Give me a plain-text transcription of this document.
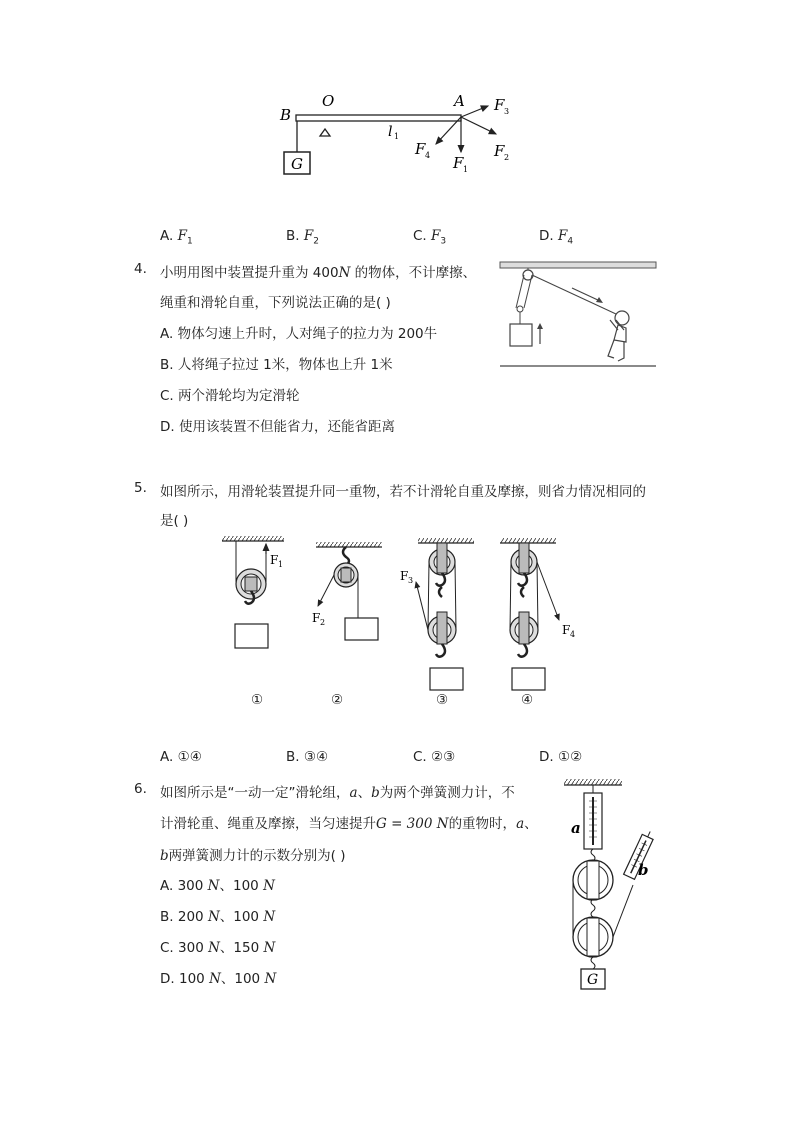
G
B
O	A
l 1
F 3
F 2
F 1
F 4
A. $F_1$	B. $F_2$	C. $F_3$	D. $F_4$
4. 小明用图中装置提升重为 400N 的物体，不计摩擦、
绳重和滑轮自重，下列说法正确的是( )
A. 物体匀速上升时，人对绳子的拉力为 200牛
B. 人将绳子拉过 1米，物体也上升 1米
C. 两个滑轮均为定滑轮
D. 使用该装置不但能省力，还能省距离
5. 如图所示，用滑轮装置提升同一重物，若不计滑轮自重及摩擦，则省力情况相同的
是( )
F 1
F 2
F 3
F 4
①	②	③	④
A. ①④	B. ③④	C. ②③	D. ①②
6. 如图所示是“一动一定”滑轮组，a、b为两个弹簧测力计，不
计滑轮重、绳重及摩擦，当匀速提升G = 300 N的重物时，a、
b两弹簧测力计的示数分别为( )
A. 300 N、100 N
B. 200 N、100 N
C. 300 N、150 N
D. 100 N、100 N
a
b
G
